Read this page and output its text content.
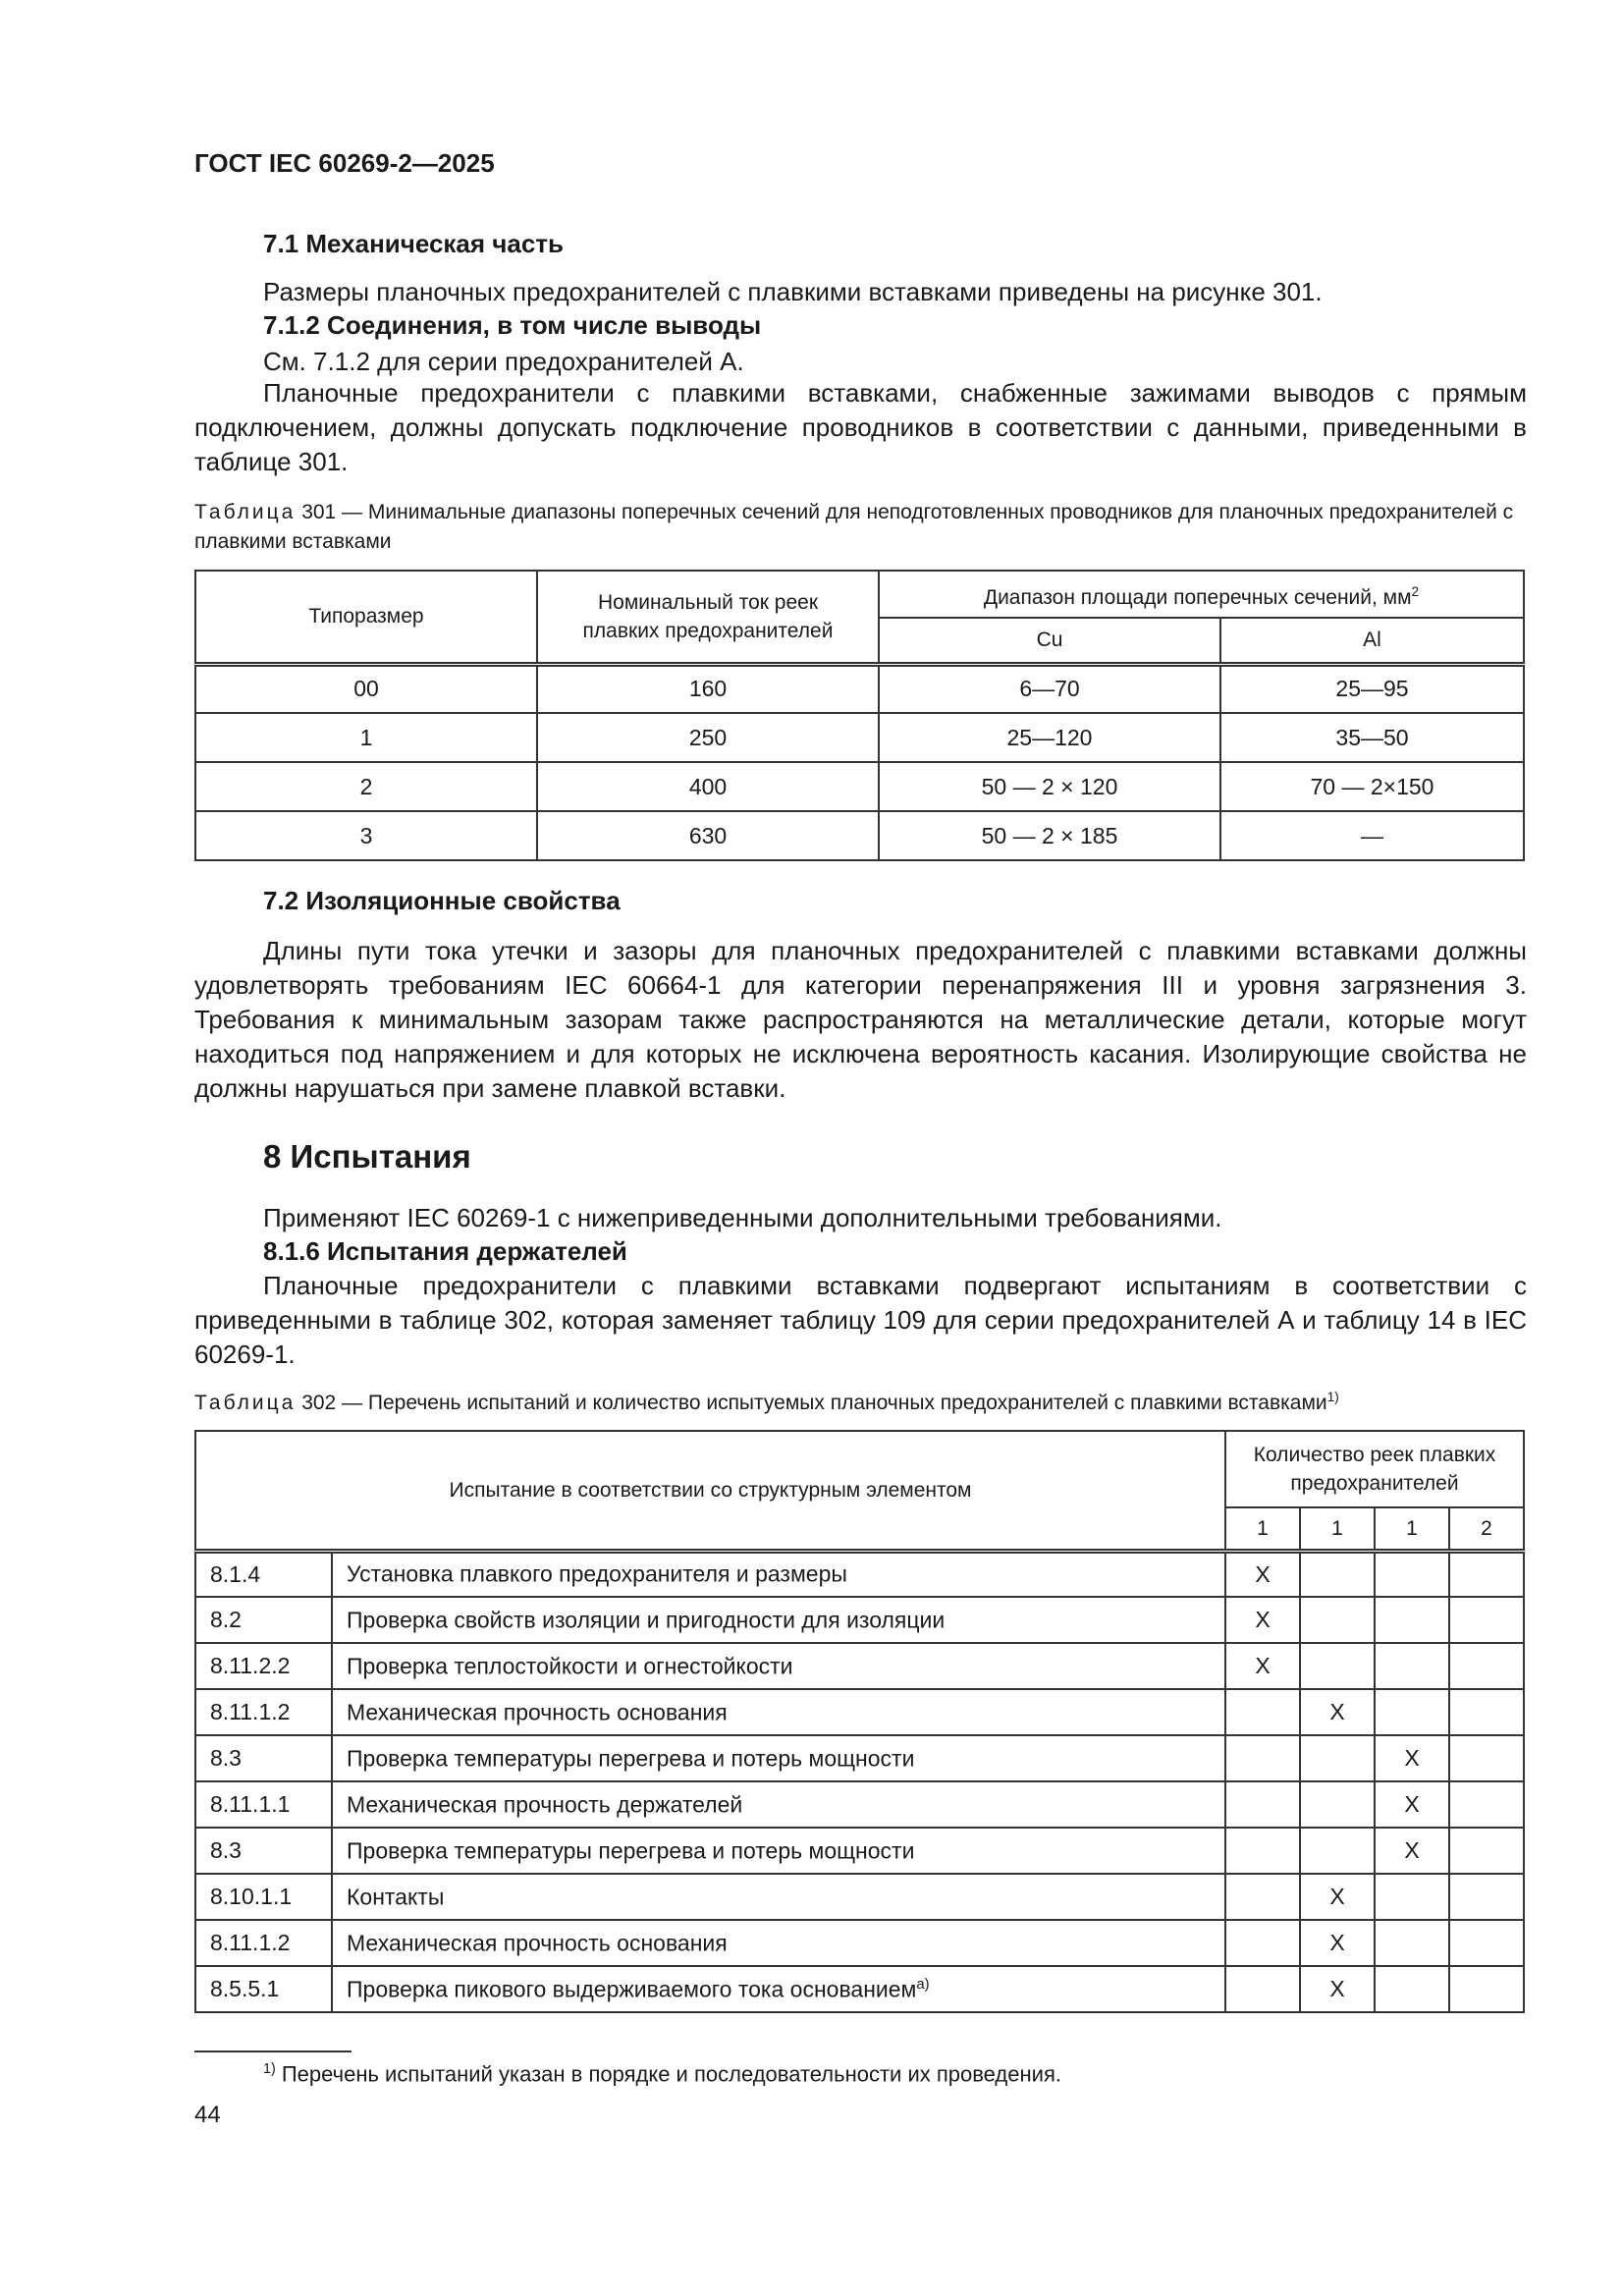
ГОСТ IEC 60269-2—2025
7.1 Механическая часть
Размеры планочных предохранителей с плавкими вставками приведены на рисунке 301.
7.1.2 Соединения, в том числе выводы
См. 7.1.2 для серии предохранителей А.
Планочные предохранители с плавкими вставками, снабженные зажимами выводов с прямым подключением, должны допускать подключение проводников в соответствии с данными, приведенными в таблице 301.
Таблица 301 — Минимальные диапазоны поперечных сечений для неподготовленных проводников для планочных предохранителей с плавкими вставками
Типоразмер	Номинальный ток реек плавких предохранителей	Диапазон площади поперечных сечений, $мм^2$
		Cu	Al
00	160	6—70	25—95
1	250	25—120	35—50
2	400	50 — 2 × 120	70 — 2×150
3	630	50 — 2 × 185	—
7.2 Изоляционные свойства
Длины пути тока утечки и зазоры для планочных предохранителей с плавкими вставками должны удовлетворять требованиям IEC 60664-1 для категории перенапряжения III и уровня загрязнения 3. Требования к минимальным зазорам также распространяются на металлические детали, которые могут находиться под напряжением и для которых не исключена вероятность касания. Изолирующие свойства не должны нарушаться при замене плавкой вставки.
8 Испытания
Применяют IEC 60269-1 с нижеприведенными дополнительными требованиями.
8.1.6 Испытания держателей
Планочные предохранители с плавкими вставками подвергают испытаниям в соответствии с приведенными в таблице 302, которая заменяет таблицу 109 для серии предохранителей А и таблицу 14 в IEC 60269-1.
Таблица 302 — Перечень испытаний и количество испытуемых планочных предохранителей с плавкими вставками$^{1)}$
Испытание в соответствии со структурным элементом		Количество реек плавких предохранителей			
		1	1	1	2
8.1.4	Установка плавкого предохранителя и размеры	X			
8.2	Проверка свойств изоляции и пригодности для изоляции	X			
8.11.2.2	Проверка теплостойкости и огнестойкости	X			
8.11.1.2	Механическая прочность основания		X		
8.3	Проверка температуры перегрева и потерь мощности			X	
8.11.1.1	Механическая прочность держателей			X	
8.3	Проверка температуры перегрева и потерь мощности			X	
8.10.1.1	Контакты		X		
8.11.1.2	Механическая прочность основания		X		
8.5.5.1	Проверка пикового выдерживаемого тока основанием$^{a)}$		X		
$^{1)}$ Перечень испытаний указан в порядке и последовательности их проведения.
44
